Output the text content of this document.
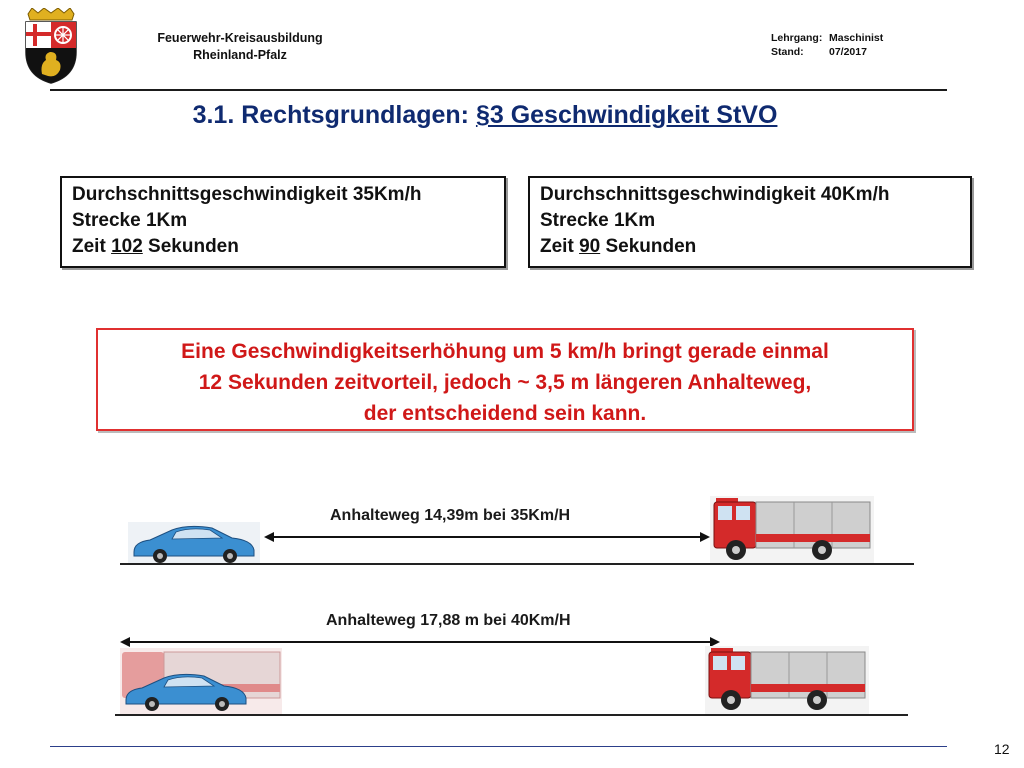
Feuerwehr-Kreisausbildung
Rheinland-Pfalz
Lehrgang: Maschinist
Stand: 07/2017
3.1. Rechtsgrundlagen: §3 Geschwindigkeit StVO
Durchschnittsgeschwindigkeit 35Km/h
Strecke 1Km
Zeit 102 Sekunden
Durchschnittsgeschwindigkeit 40Km/h
Strecke 1Km
Zeit 90 Sekunden
Eine Geschwindigkeitserhöhung um 5 km/h bringt gerade einmal
12 Sekunden zeitvorteil, jedoch ~ 3,5 m längeren Anhalteweg,
der entscheidend sein kann.
Anhalteweg 14,39m bei 35Km/H
Anhalteweg 17,88 m bei 40Km/H
12
